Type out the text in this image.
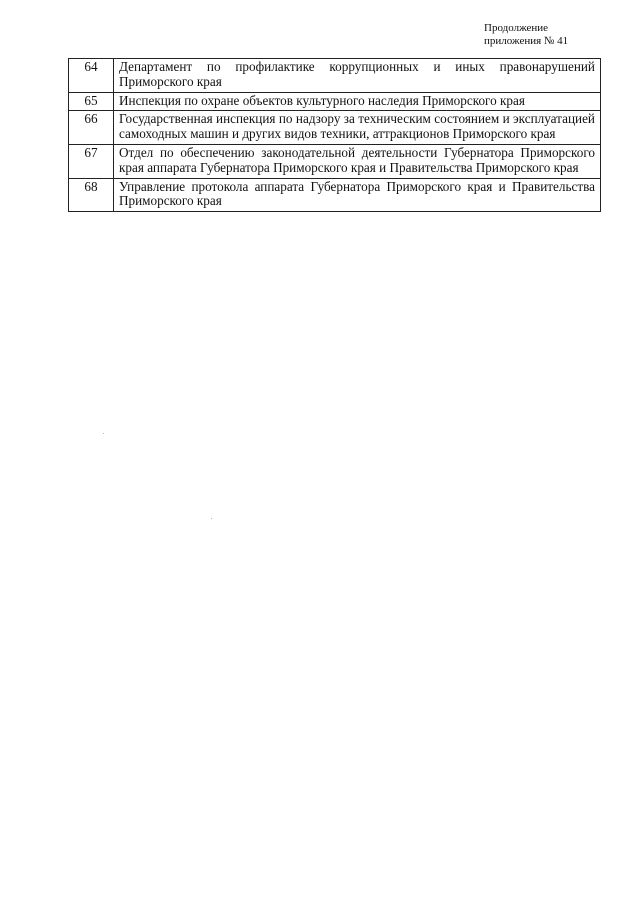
Продолжение
приложения № 41
64	Департамент по профилактике коррупционных и иных правонарушений Приморского края
65	Инспекция по охране объектов культурного наследия Приморского края
66	Государственная инспекция по надзору за техническим состоянием и эксплуатацией самоходных машин и других видов техники, аттракционов Приморского края
67	Отдел по обеспечению законодательной деятельности Губернатора Приморского края аппарата Губернатора Приморского края и Правительства Приморского края
68	Управление протокола аппарата Губернатора Приморского края и Правительства Приморского края
